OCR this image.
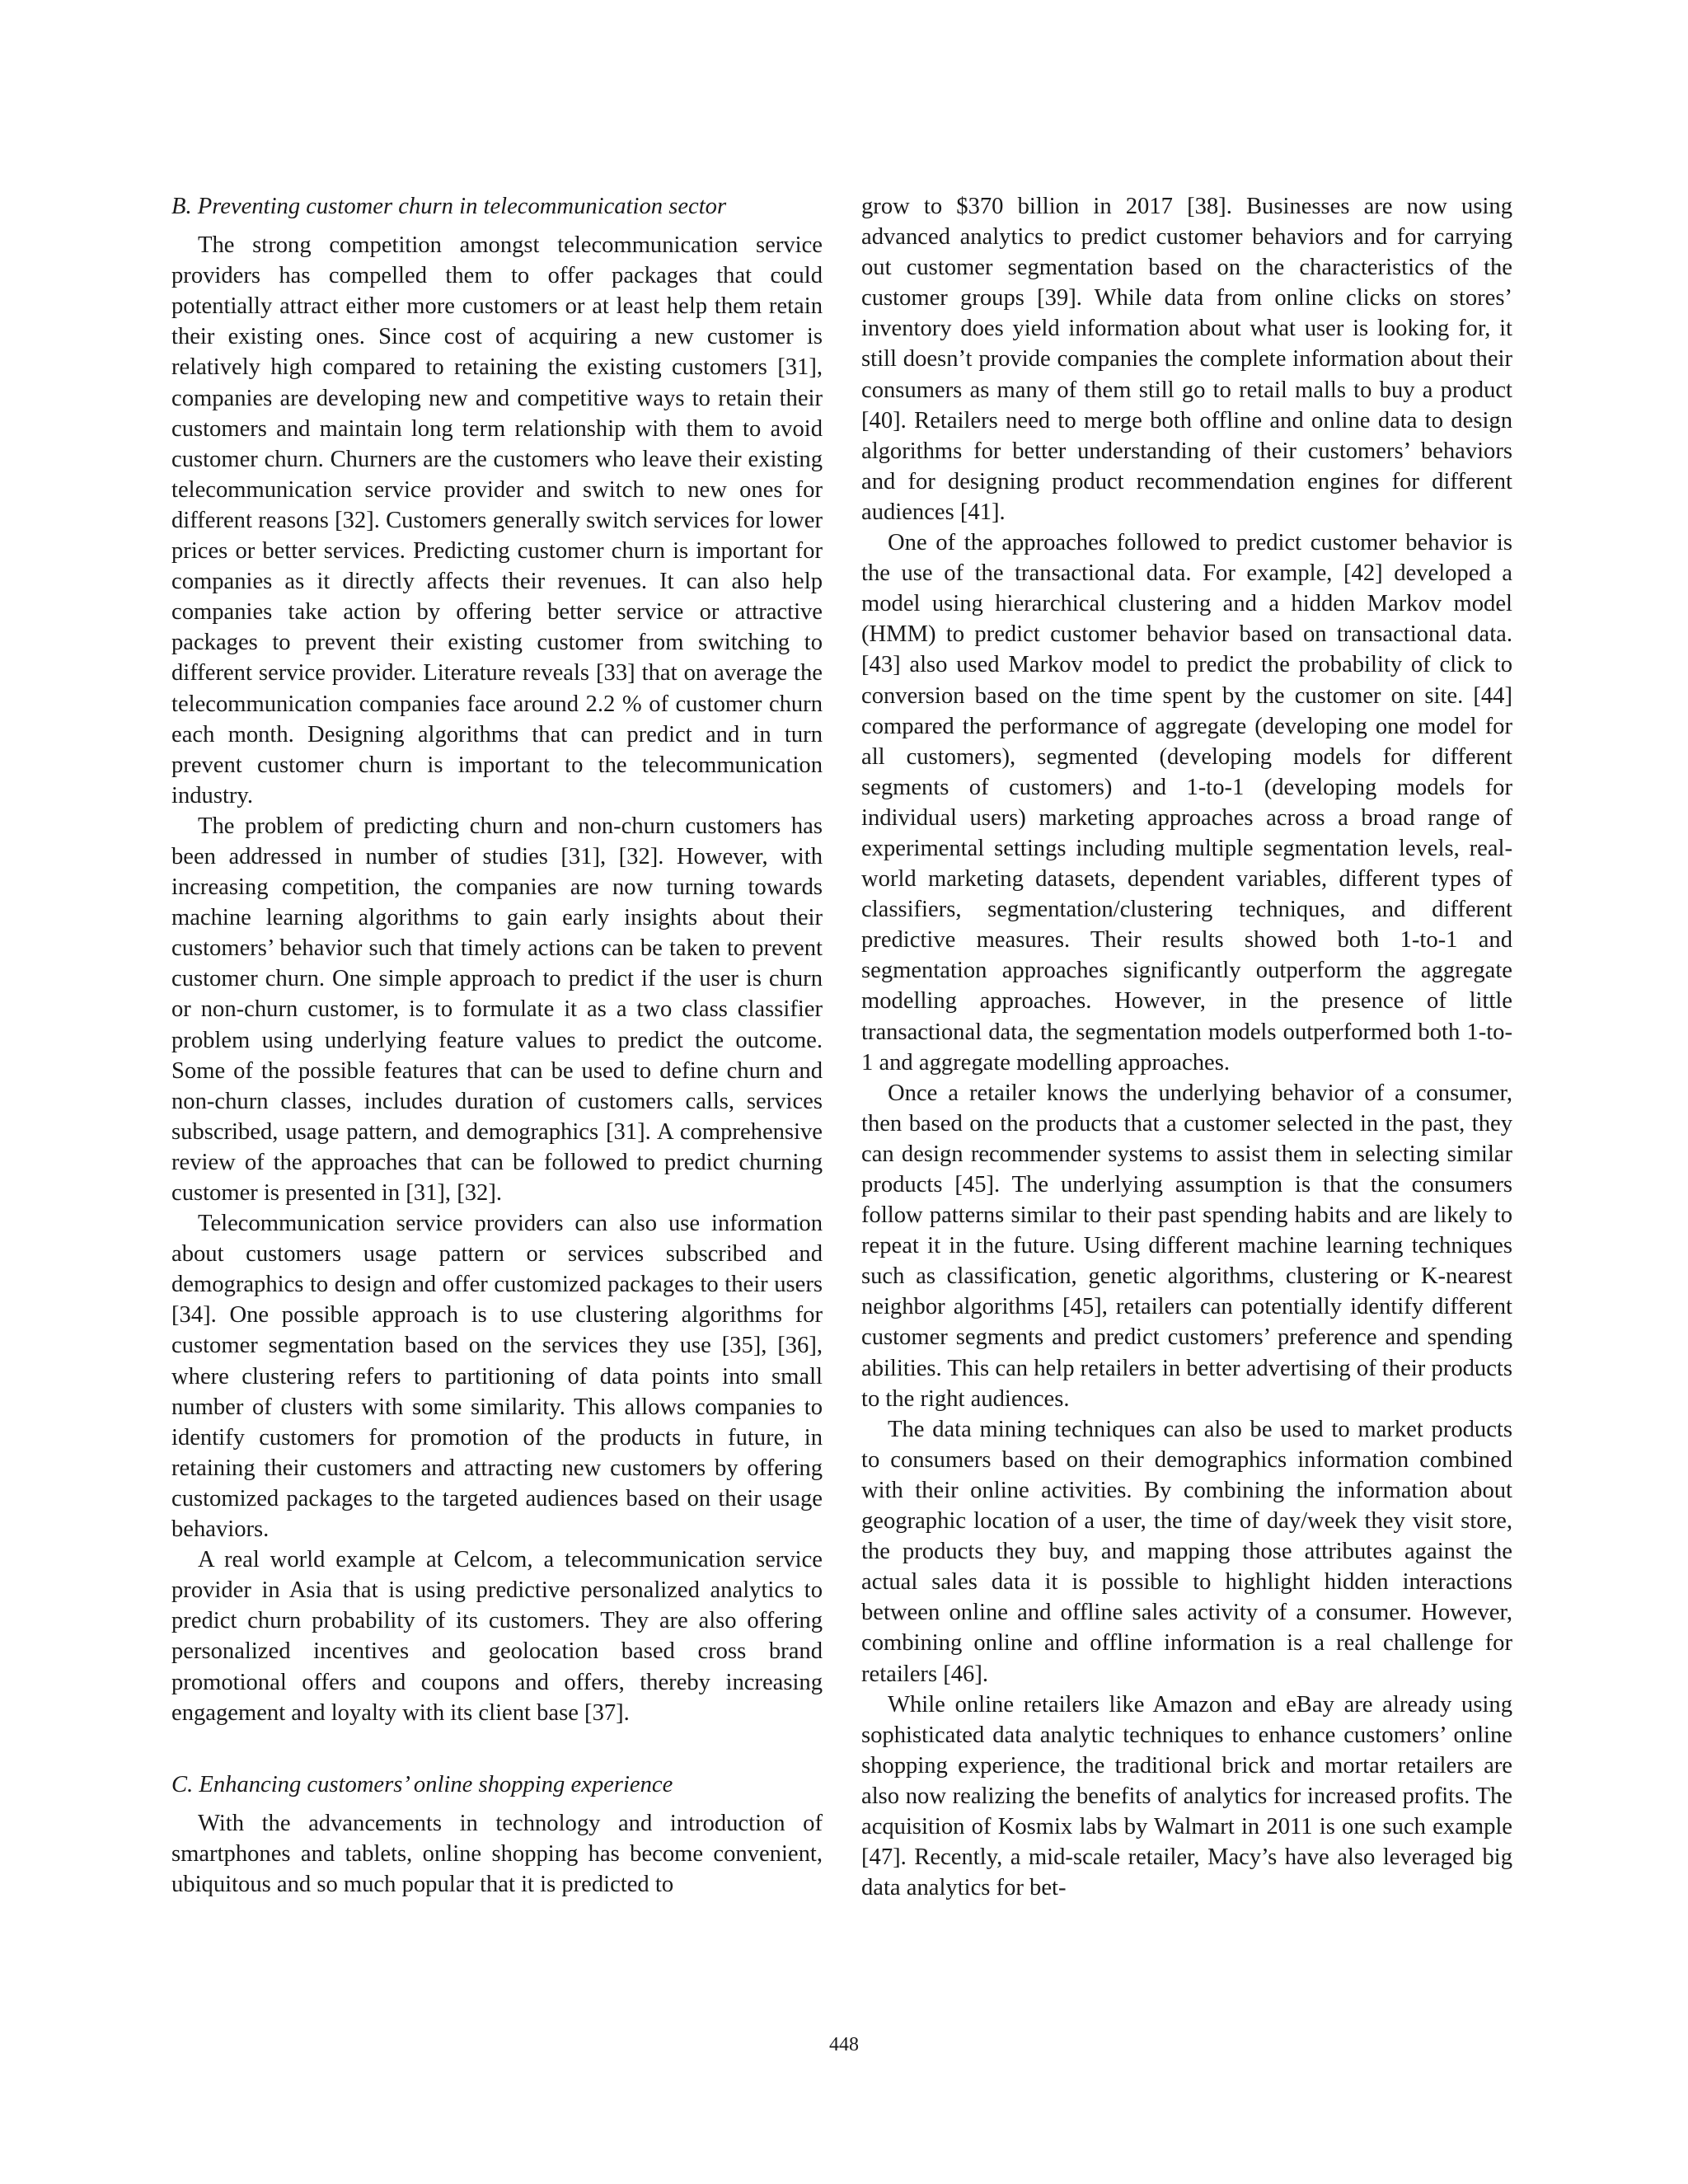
B. Preventing customer churn in telecommunication sector

The strong competition amongst telecommunication service providers has compelled them to offer packages that could potentially attract either more customers or at least help them retain their existing ones. Since cost of acquiring a new customer is relatively high compared to retaining the existing customers [31], companies are developing new and competitive ways to retain their customers and maintain long term relationship with them to avoid customer churn. Churners are the customers who leave their existing telecommunication service provider and switch to new ones for different reasons [32]. Customers generally switch services for lower prices or better services. Predicting customer churn is important for companies as it directly affects their revenues. It can also help companies take action by offering better service or attractive packages to prevent their existing customer from switching to different service provider. Literature reveals [33] that on average the telecommunication companies face around 2.2 % of customer churn each month. Designing algorithms that can predict and in turn prevent customer churn is important to the telecommunication industry.

The problem of predicting churn and non-churn customers has been addressed in number of studies [31], [32]. However, with increasing competition, the companies are now turning towards machine learning algorithms to gain early insights about their customers’ behavior such that timely actions can be taken to prevent customer churn. One simple approach to predict if the user is churn or non-churn customer, is to formulate it as a two class classifier problem using underlying feature values to predict the outcome. Some of the possible features that can be used to define churn and non-churn classes, includes duration of customers calls, services subscribed, usage pattern, and demographics [31]. A comprehensive review of the approaches that can be followed to predict churning customer is presented in [31], [32].

Telecommunication service providers can also use information about customers usage pattern or services subscribed and demographics to design and offer customized packages to their users [34]. One possible approach is to use clustering algorithms for customer segmentation based on the services they use [35], [36], where clustering refers to partitioning of data points into small number of clusters with some similarity. This allows companies to identify customers for promotion of the products in future, in retaining their customers and attracting new customers by offering customized packages to the targeted audiences based on their usage behaviors.

A real world example at Celcom, a telecommunication service provider in Asia that is using predictive personalized analytics to predict churn probability of its customers. They are also offering personalized incentives and geolocation based cross brand promotional offers and coupons and offers, thereby increasing engagement and loyalty with its client base [37].

C. Enhancing customers’ online shopping experience

With the advancements in technology and introduction of smartphones and tablets, online shopping has become convenient, ubiquitous and so much popular that it is predicted to

grow to $370 billion in 2017 [38]. Businesses are now using advanced analytics to predict customer behaviors and for carrying out customer segmentation based on the characteristics of the customer groups [39]. While data from online clicks on stores’ inventory does yield information about what user is looking for, it still doesn’t provide companies the complete information about their consumers as many of them still go to retail malls to buy a product [40]. Retailers need to merge both offline and online data to design algorithms for better understanding of their customers’ behaviors and for designing product recommendation engines for different audiences [41].

One of the approaches followed to predict customer behavior is the use of the transactional data. For example, [42] developed a model using hierarchical clustering and a hidden Markov model (HMM) to predict customer behavior based on transactional data. [43] also used Markov model to predict the probability of click to conversion based on the time spent by the customer on site. [44] compared the performance of aggregate (developing one model for all customers), segmented (developing models for different segments of customers) and 1-to-1 (developing models for individual users) marketing approaches across a broad range of experimental settings including multiple segmentation levels, real-world marketing datasets, dependent variables, different types of classifiers, segmentation/clustering techniques, and different predictive measures. Their results showed both 1-to-1 and segmentation approaches significantly outperform the aggregate modelling approaches. However, in the presence of little transactional data, the segmentation models outperformed both 1-to-1 and aggregate modelling approaches.

Once a retailer knows the underlying behavior of a consumer, then based on the products that a customer selected in the past, they can design recommender systems to assist them in selecting similar products [45]. The underlying assumption is that the consumers follow patterns similar to their past spending habits and are likely to repeat it in the future. Using different machine learning techniques such as classification, genetic algorithms, clustering or K-nearest neighbor algorithms [45], retailers can potentially identify different customer segments and predict customers’ preference and spending abilities. This can help retailers in better advertising of their products to the right audiences.

The data mining techniques can also be used to market products to consumers based on their demographics information combined with their online activities. By combining the information about geographic location of a user, the time of day/week they visit store, the products they buy, and mapping those attributes against the actual sales data it is possible to highlight hidden interactions between online and offline sales activity of a consumer. However, combining online and offline information is a real challenge for retailers [46].

While online retailers like Amazon and eBay are already using sophisticated data analytic techniques to enhance customers’ online shopping experience, the traditional brick and mortar retailers are also now realizing the benefits of analytics for increased profits. The acquisition of Kosmix labs by Walmart in 2011 is one such example [47]. Recently, a mid-scale retailer, Macy’s have also leveraged big data analytics for bet-

448
